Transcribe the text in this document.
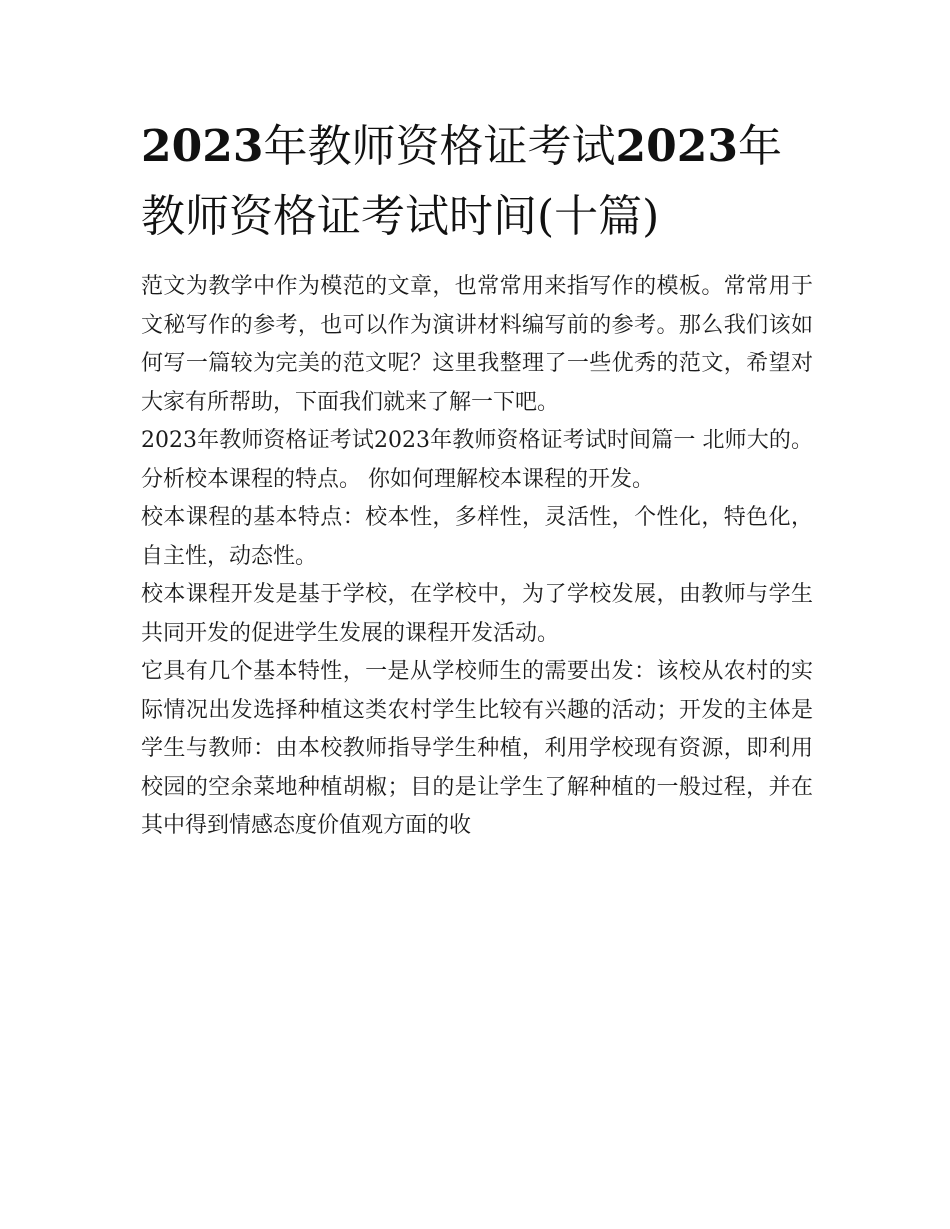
2023年教师资格证考试2023年教师资格证考试时间(十篇)

范文为教学中作为模范的文章，也常常用来指写作的模板。常常用于文秘写作的参考，也可以作为演讲材料编写前的参考。那么我们该如何写一篇较为完美的范文呢？这里我整理了一些优秀的范文，希望对大家有所帮助，下面我们就来了解一下吧。

2023年教师资格证考试2023年教师资格证考试时间篇一 北师大的。 分析校本课程的特点。 你如何理解校本课程的开发。

校本课程的基本特点：校本性，多样性，灵活性，个性化，特色化，自主性，动态性。

校本课程开发是基于学校，在学校中，为了学校发展，由教师与学生共同开发的促进学生发展的课程开发活动。

它具有几个基本特性，一是从学校师生的需要出发：该校从农村的实际情况出发选择种植这类农村学生比较有兴趣的活动；开发的主体是学生与教师：由本校教师指导学生种植，利用学校现有资源，即利用校园的空余菜地种植胡椒；目的是让学生了解种植的一般过程，并在其中得到情感态度价值观方面的收
